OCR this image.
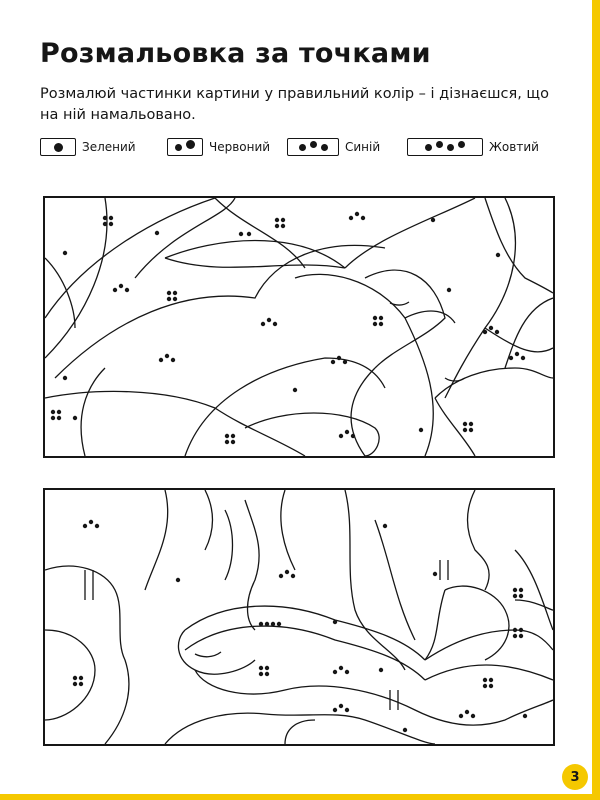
Розмальовка за точками
Розмалюй частинки картини у правильний колір – і дізнаєшся, що на ній намальовано.
Зелений	Червоний	Синій	Жовтий
3
